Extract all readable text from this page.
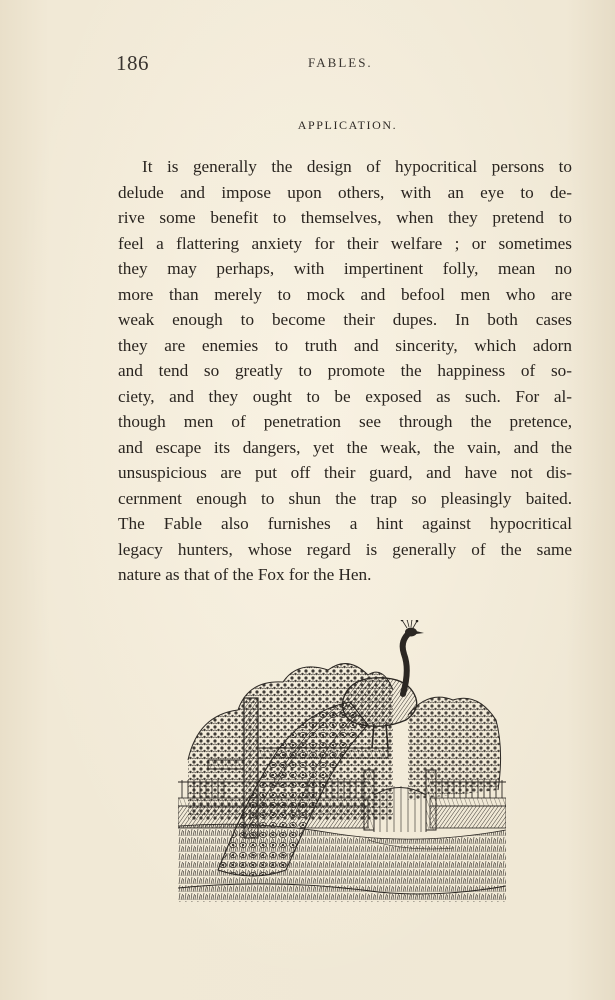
186	FABLES.
APPLICATION.
It is generally the design of hypocritical persons to
delude and impose upon others, with an eye to de-
rive some benefit to themselves, when they pretend to
feel a flattering anxiety for their welfare ; or sometimes
they may perhaps, with impertinent folly, mean no
more than merely to mock and befool men who are
weak enough to become their dupes. In both cases
they are enemies to truth and sincerity, which adorn
and tend so greatly to promote the happiness of so-
ciety, and they ought to be exposed as such. For al-
though men of penetration see through the pretence,
and escape its dangers, yet the weak, the vain, and the
unsuspicious are put off their guard, and have not dis-
cernment enough to shun the trap so pleasingly baited.
The Fable also furnishes a hint against hypocritical
legacy hunters, whose regard is generally of the same
nature as that of the Fox for the Hen.
